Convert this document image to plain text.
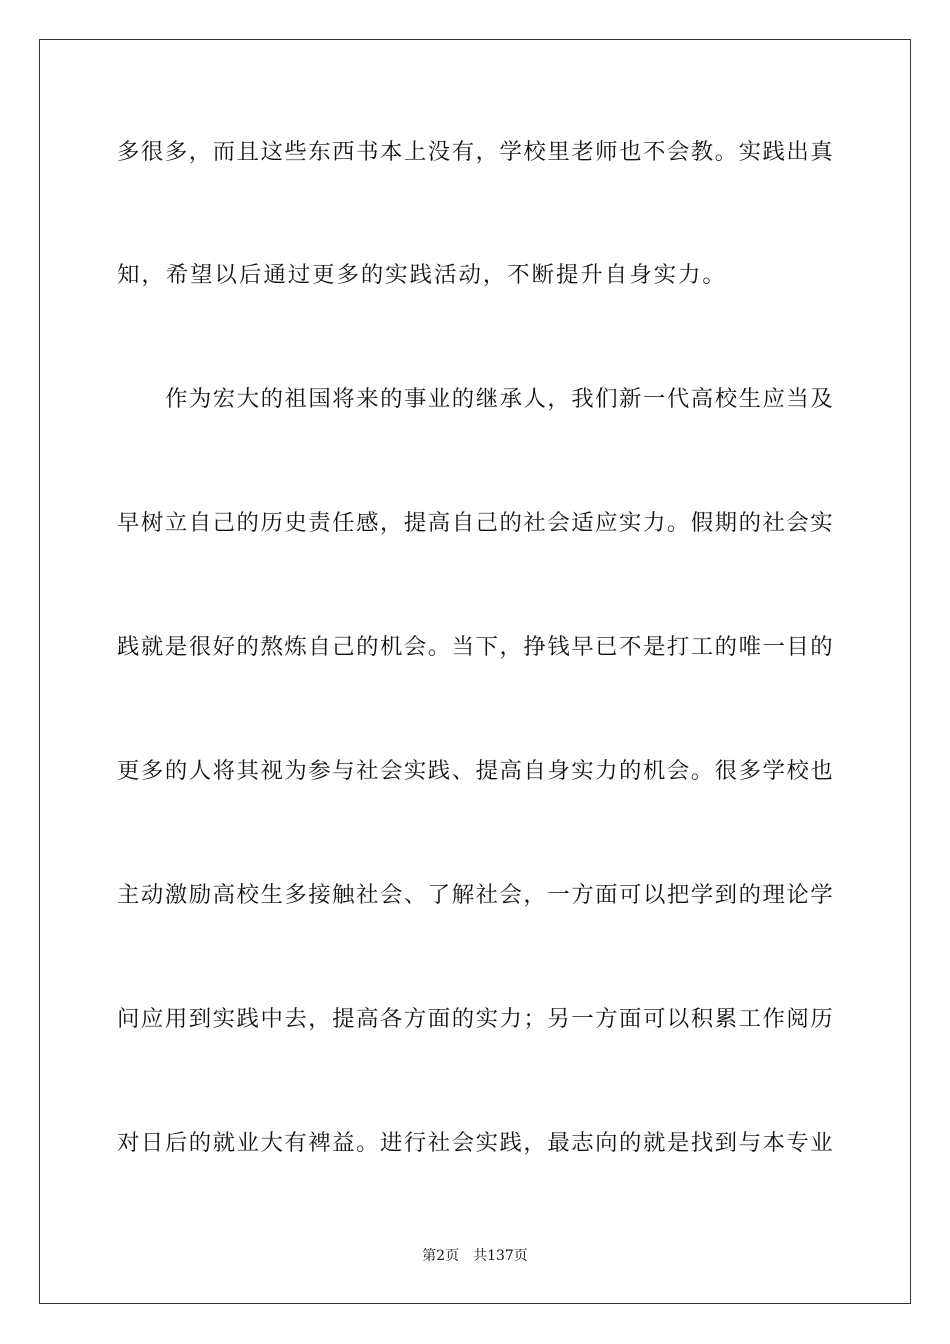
多很多，而且这些东西书本上没有，学校里老师也不会教。实践出真
知，希望以后通过更多的实践活动，不断提升自身实力。
作为宏大的祖国将来的事业的继承人，我们新一代高校生应当及
早树立自己的历史责任感，提高自己的社会适应实力。假期的社会实
践就是很好的熬炼自己的机会。当下，挣钱早已不是打工的唯一目的
更多的人将其视为参与社会实践、提高自身实力的机会。很多学校也
主动激励高校生多接触社会、了解社会，一方面可以把学到的理论学
问应用到实践中去，提高各方面的实力；另一方面可以积累工作阅历
对日后的就业大有裨益。进行社会实践，最志向的就是找到与本专业
第2页　共137页
